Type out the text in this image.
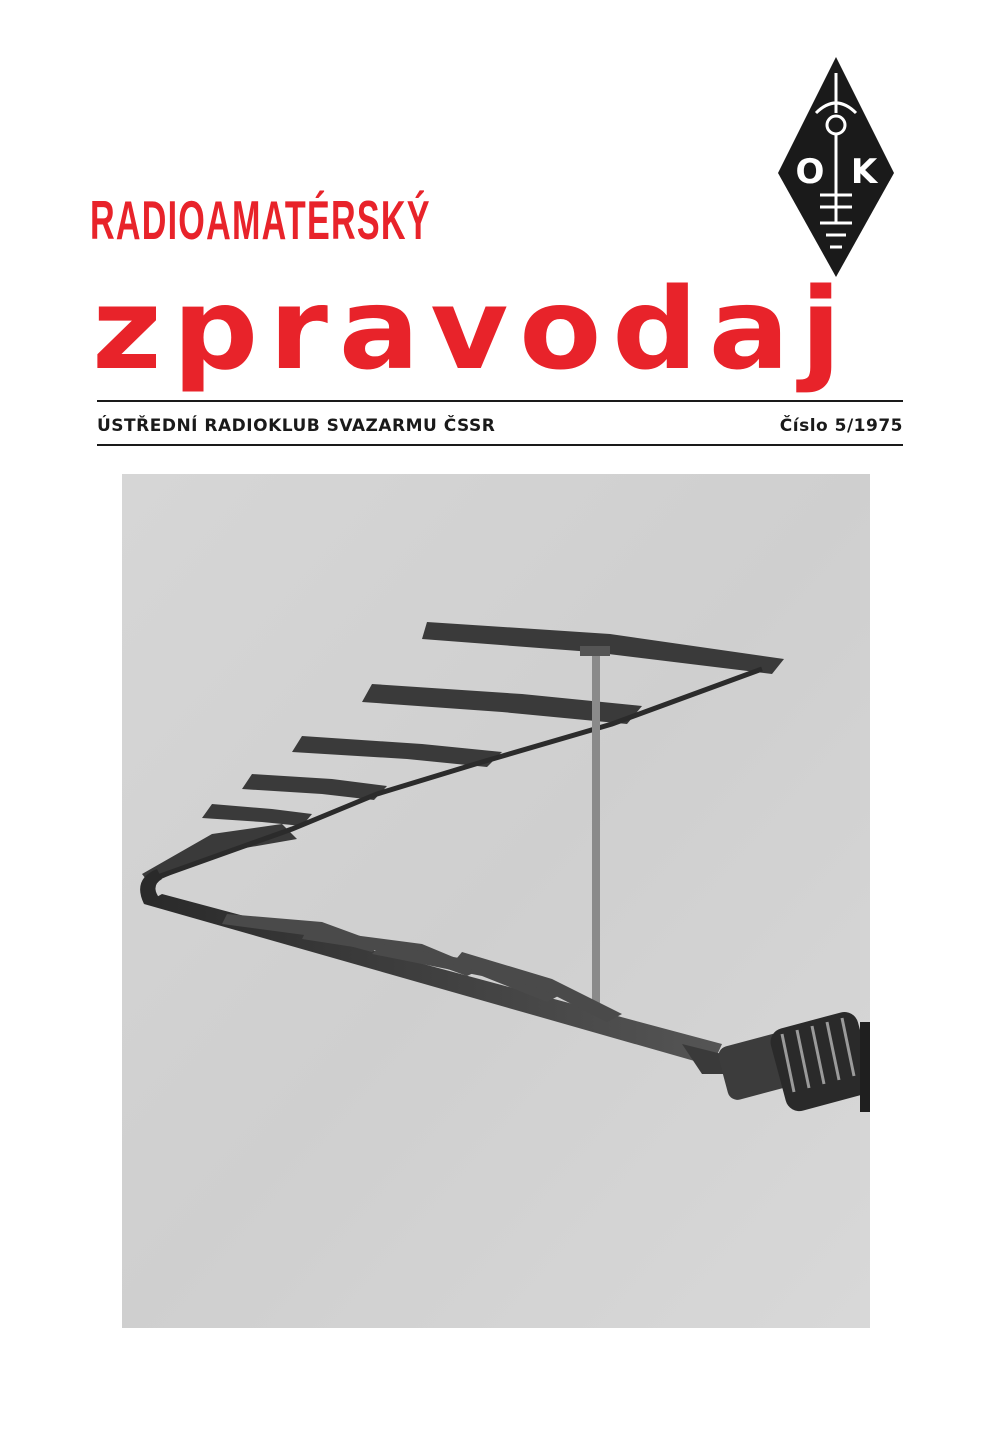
RADIOAMATÉRSKÝ
zpravodaj
O K
ÚSTŘEDNÍ RADIOKLUB SVAZARMU ČSSR	Číslo 5/1975
